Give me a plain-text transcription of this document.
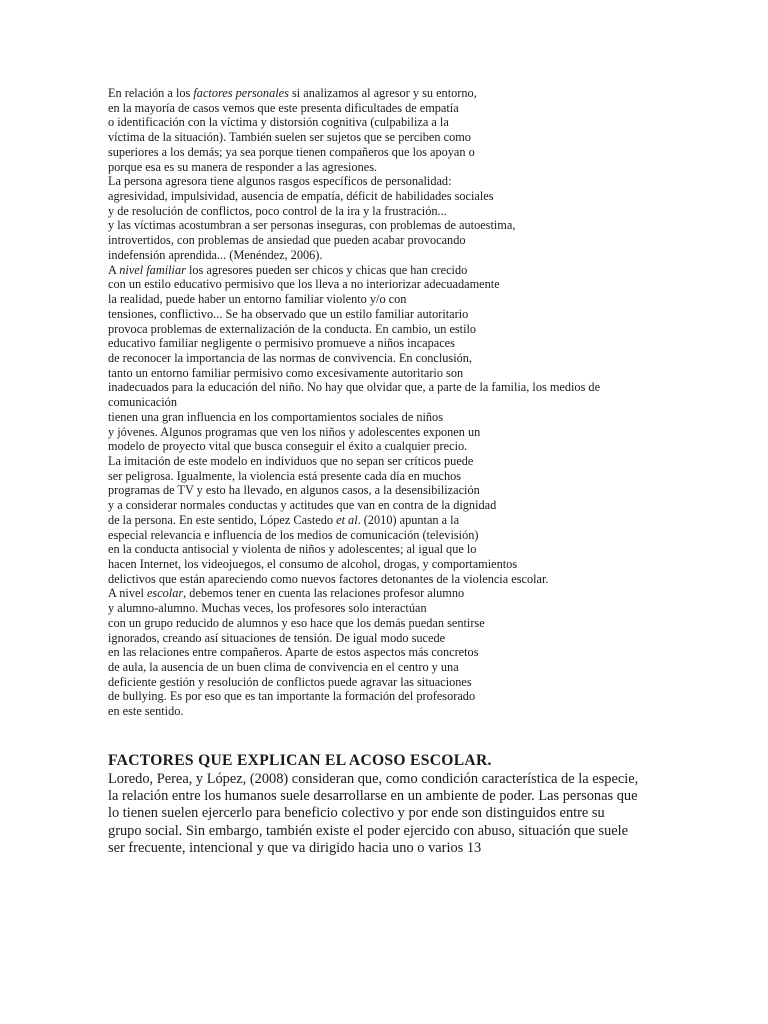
En relación a los factores personales si analizamos al agresor y su entorno,
en la mayoría de casos vemos que este presenta dificultades de empatía
o identificación con la víctima y distorsión cognitiva (culpabiliza a la
víctima de la situación). También suelen ser sujetos que se perciben como
superiores a los demás; ya sea porque tienen compañeros que los apoyan o
porque esa es su manera de responder a las agresiones.
La persona agresora tiene algunos rasgos específicos de personalidad:
agresividad, impulsividad, ausencia de empatía, déficit de habilidades sociales
y de resolución de conflictos, poco control de la ira y la frustración...
y las víctimas acostumbran a ser personas inseguras, con problemas de autoestima,
introvertidos, con problemas de ansiedad que pueden acabar provocando
indefensión aprendida... (Menéndez, 2006).
A nivel familiar los agresores pueden ser chicos y chicas que han crecido
con un estilo educativo permisivo que los lleva a no interiorizar adecuadamente
la realidad, puede haber un entorno familiar violento y/o con
tensiones, conflictivo... Se ha observado que un estilo familiar autoritario
provoca problemas de externalización de la conducta. En cambio, un estilo
educativo familiar negligente o permisivo promueve a niños incapaces
de reconocer la importancia de las normas de convivencia. En conclusión,
tanto un entorno familiar permisivo como excesivamente autoritario son
inadecuados para la educación del niño. No hay que olvidar que, a parte de la familia, los medios de
comunicación
tienen una gran influencia en los comportamientos sociales de niños
y jóvenes. Algunos programas que ven los niños y adolescentes exponen un
modelo de proyecto vital que busca conseguir el éxito a cualquier precio.
La imitación de este modelo en individuos que no sepan ser críticos puede
ser peligrosa. Igualmente, la violencia está presente cada día en muchos
programas de TV y esto ha llevado, en algunos casos, a la desensibilización
y a considerar normales conductas y actitudes que van en contra de la dignidad
de la persona. En este sentido, López Castedo et al. (2010) apuntan a la
especial relevancia e influencia de los medios de comunicación (televisión)
en la conducta antisocial y violenta de niños y adolescentes; al igual que lo
hacen Internet, los videojuegos, el consumo de alcohol, drogas, y comportamientos
delictivos que están apareciendo como nuevos factores detonantes de la violencia escolar.
A nivel escolar, debemos tener en cuenta las relaciones profesor alumno
y alumno-alumno. Muchas veces, los profesores solo interactúan
con un grupo reducido de alumnos y eso hace que los demás puedan sentirse
ignorados, creando así situaciones de tensión. De igual modo sucede
en las relaciones entre compañeros. Aparte de estos aspectos más concretos
de aula, la ausencia de un buen clima de convivencia en el centro y una
deficiente gestión y resolución de conflictos puede agravar las situaciones
de bullying. Es por eso que es tan importante la formación del profesorado
en este sentido.
FACTORES QUE EXPLICAN EL ACOSO ESCOLAR.
Loredo, Perea, y López, (2008) consideran que, como condición característica de la especie,
la relación entre los humanos suele desarrollarse en un ambiente de poder. Las personas que
lo tienen suelen ejercerlo para beneficio colectivo y por ende son distinguidos entre su
grupo social. Sin embargo, también existe el poder ejercido con abuso, situación que suele
ser frecuente, intencional y que va dirigido hacia uno o varios 13
